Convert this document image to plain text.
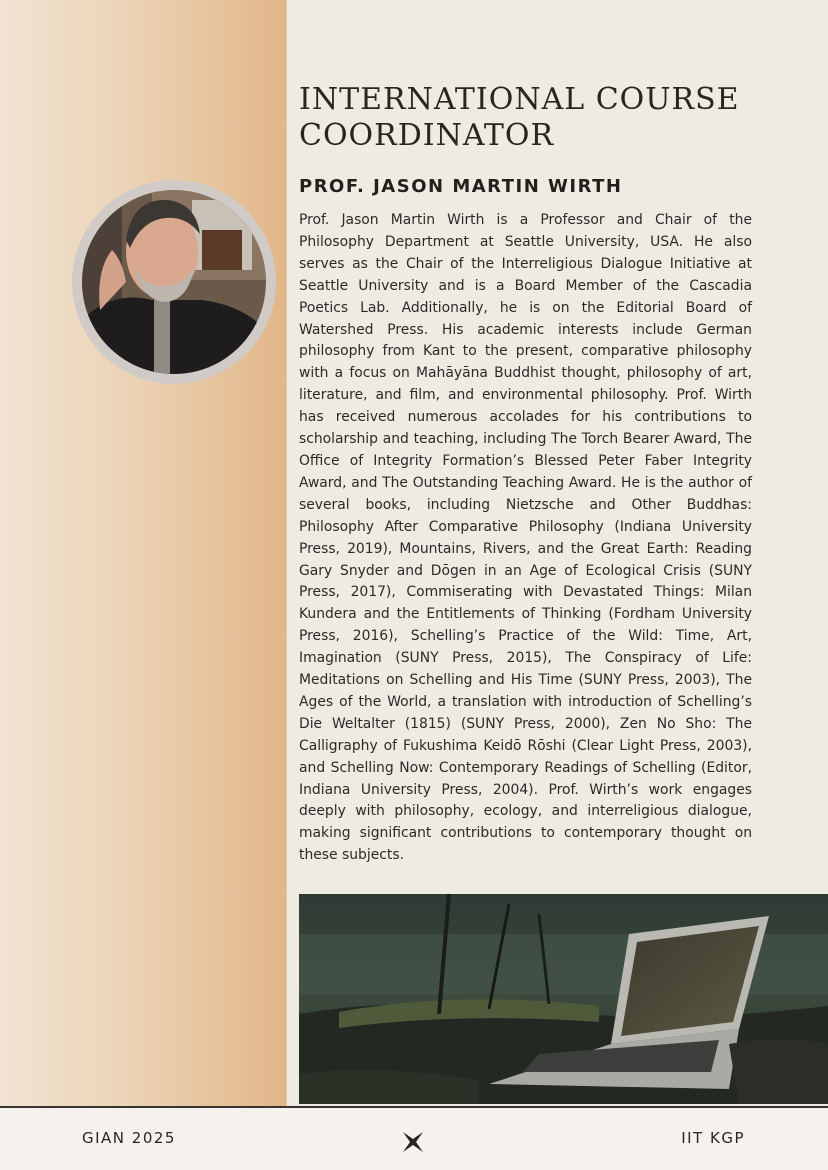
INTERNATIONAL COURSE COORDINATOR
PROF. JASON MARTIN WIRTH

Prof. Jason Martin Wirth is a Professor and Chair of the Philosophy Department at Seattle University, USA. He also serves as the Chair of the Interreligious Dialogue Initiative at Seattle University and is a Board Member of the Cascadia Poetics Lab. Additionally, he is on the Editorial Board of Watershed Press. His academic interests include German philosophy from Kant to the present, comparative philosophy with a focus on Mahāyāna Buddhist thought, philosophy of art, literature, and film, and environmental philosophy. Prof. Wirth has received numerous accolades for his contributions to scholarship and teaching, including The Torch Bearer Award, The Office of Integrity Formation’s Blessed Peter Faber Integrity Award, and The Outstanding Teaching Award. He is the author of several books, including Nietzsche and Other Buddhas: Philosophy After Comparative Philosophy (Indiana University Press, 2019), Mountains, Rivers, and the Great Earth: Reading Gary Snyder and Dōgen in an Age of Ecological Crisis (SUNY Press, 2017), Commiserating with Devastated Things: Milan Kundera and the Entitlements of Thinking (Fordham University Press, 2016), Schelling’s Practice of the Wild: Time, Art, Imagination (SUNY Press, 2015), The Conspiracy of Life: Meditations on Schelling and His Time (SUNY Press, 2003), The Ages of the World, a translation with introduction of Schelling’s Die Weltalter (1815) (SUNY Press, 2000), Zen No Sho: The Calligraphy of Fukushima Keidō Rōshi (Clear Light Press, 2003), and Schelling Now: Contemporary Readings of Schelling (Editor, Indiana University Press, 2004). Prof. Wirth’s work engages deeply with philosophy, ecology, and interreligious dialogue, making significant contributions to contemporary thought on these subjects.

GIAN 2025	IIT KGP
